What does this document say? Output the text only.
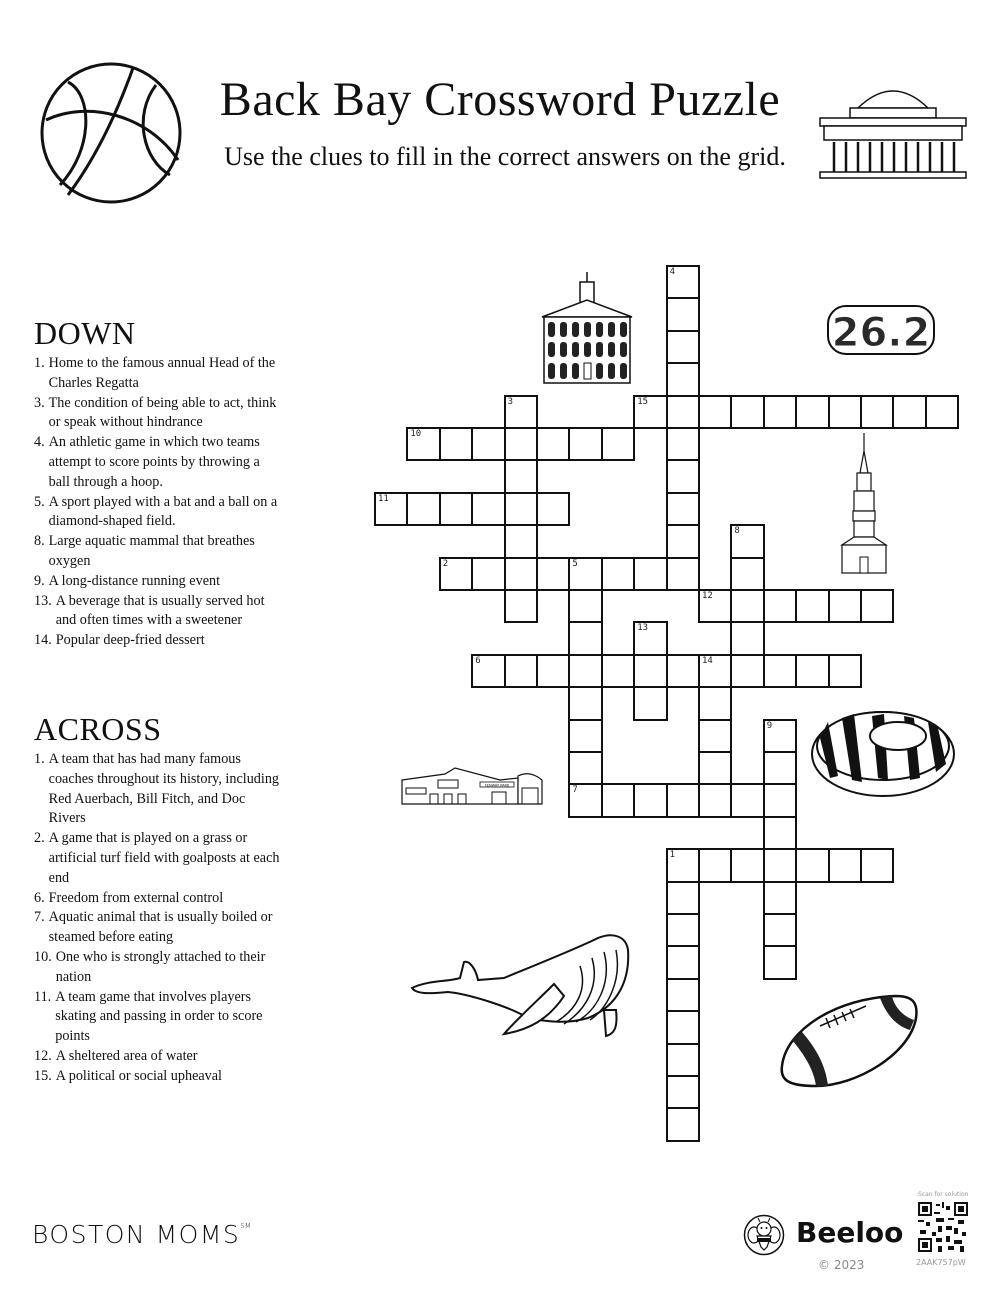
Back Bay Crossword Puzzle
Use the clues to fill in the correct answers on the grid.
DOWN
1. Home to the famous annual Head of the Charles Regatta
3. The condition of being able to act, think or speak without hindrance
4. An athletic game in which two teams attempt to score points by throwing a ball through a hoop.
5. A sport played with a bat and a ball on a diamond-shaped field.
8. Large aquatic mammal that breathes oxygen
9. A long-distance running event
13. A beverage that is usually served hot and often times with a sweetener
14. Popular deep-fried dessert
ACROSS
1. A team that has had many famous coaches throughout its history, including Red Auerbach, Bill Fitch, and Doc Rivers
2. A game that is played on a grass or artificial turf field with goalposts at each end
6. Freedom from external control
7. Aquatic animal that is usually boiled or steamed before eating
10. One who is strongly attached to their nation
11. A team game that involves players skating and passing in order to score points
12. A sheltered area of water
15. A political or social upheaval
26.2
FENWAY PARK
15
10
11
2	5
12
6	14
7
1
4
3
8
13
9
BOSTON MOMS℠	Beeloo
© 2023
Scan for solution
2AAK757pW
